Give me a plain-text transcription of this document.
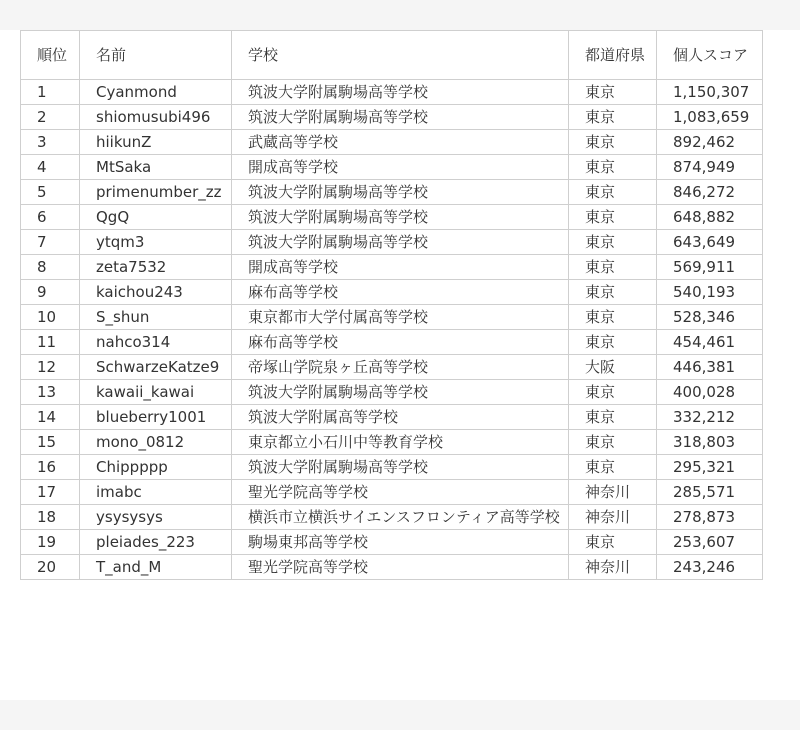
順位	名前	学校	都道府県	個人スコア
1	Cyanmond	筑波大学附属駒場高等学校	東京	1,150,307
2	shiomusubi496	筑波大学附属駒場高等学校	東京	1,083,659
3	hiikunZ	武蔵高等学校	東京	892,462
4	MtSaka	開成高等学校	東京	874,949
5	primenumber_zz	筑波大学附属駒場高等学校	東京	846,272
6	QgQ	筑波大学附属駒場高等学校	東京	648,882
7	ytqm3	筑波大学附属駒場高等学校	東京	643,649
8	zeta7532	開成高等学校	東京	569,911
9	kaichou243	麻布高等学校	東京	540,193
10	S_shun	東京都市大学付属高等学校	東京	528,346
11	nahco314	麻布高等学校	東京	454,461
12	SchwarzeKatze9	帝塚山学院泉ヶ丘高等学校	大阪	446,381
13	kawaii_kawai	筑波大学附属駒場高等学校	東京	400,028
14	blueberry1001	筑波大学附属高等学校	東京	332,212
15	mono_0812	東京都立小石川中等教育学校	東京	318,803
16	Chippppp	筑波大学附属駒場高等学校	東京	295,321
17	imabc	聖光学院高等学校	神奈川	285,571
18	ysysysys	横浜市立横浜サイエンスフロンティア高等学校	神奈川	278,873
19	pleiades_223	駒場東邦高等学校	東京	253,607
20	T_and_M	聖光学院高等学校	神奈川	243,246
